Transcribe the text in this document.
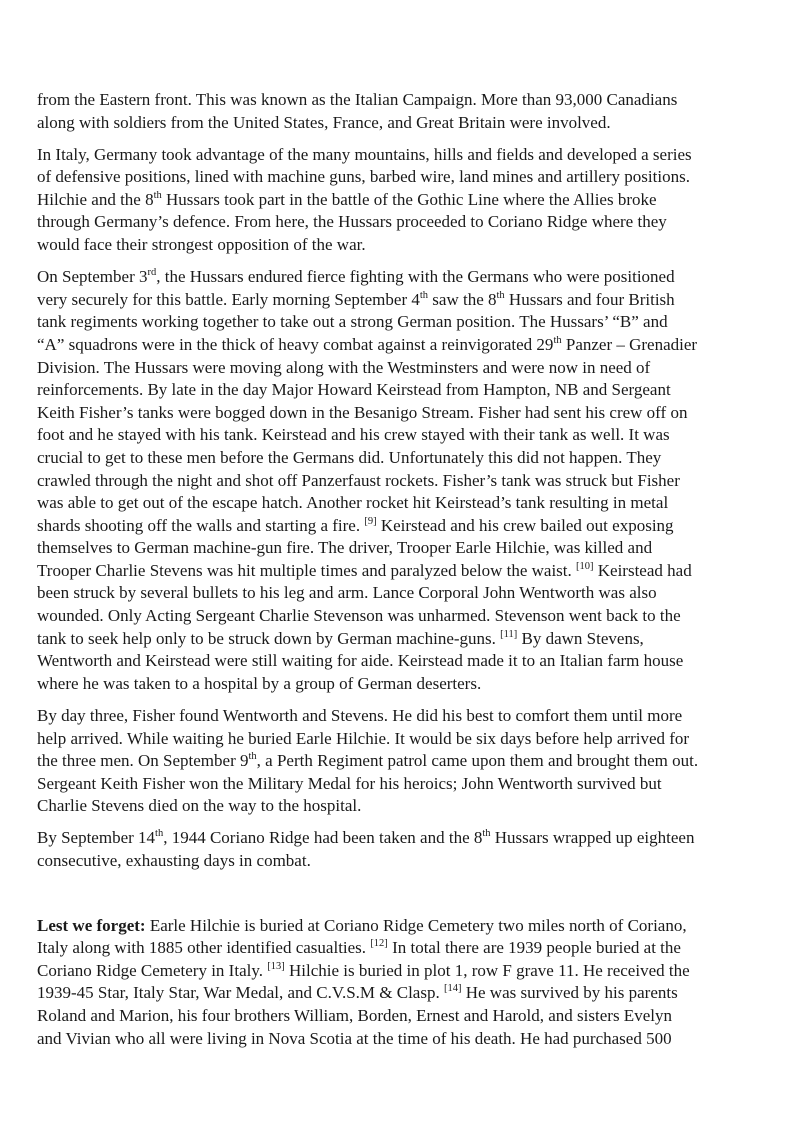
from the Eastern front. This was known as the Italian Campaign. More than 93,000 Canadians
along with soldiers from the United States, France, and Great Britain were involved.

In Italy, Germany took advantage of the many mountains, hills and fields and developed a series
of defensive positions, lined with machine guns, barbed wire, land mines and artillery positions.
Hilchie and the 8th Hussars took part in the battle of the Gothic Line where the Allies broke
through Germany’s defence. From here, the Hussars proceeded to Coriano Ridge where they
would face their strongest opposition of the war.

On September 3rd, the Hussars endured fierce fighting with the Germans who were positioned
very securely for this battle. Early morning September 4th saw the 8th Hussars and four British
tank regiments working together to take out a strong German position. The Hussars’ “B” and
“A” squadrons were in the thick of heavy combat against a reinvigorated 29th Panzer – Grenadier
Division. The Hussars were moving along with the Westminsters and were now in need of
reinforcements. By late in the day Major Howard Keirstead from Hampton, NB and Sergeant
Keith Fisher’s tanks were bogged down in the Besanigo Stream. Fisher had sent his crew off on
foot and he stayed with his tank. Keirstead and his crew stayed with their tank as well. It was
crucial to get to these men before the Germans did. Unfortunately this did not happen. They
crawled through the night and shot off Panzerfaust rockets. Fisher’s tank was struck but Fisher
was able to get out of the escape hatch. Another rocket hit Keirstead’s tank resulting in metal
shards shooting off the walls and starting a fire. [9] Keirstead and his crew bailed out exposing
themselves to German machine-gun fire. The driver, Trooper Earle Hilchie, was killed and
Trooper Charlie Stevens was hit multiple times and paralyzed below the waist. [10] Keirstead had
been struck by several bullets to his leg and arm. Lance Corporal John Wentworth was also
wounded. Only Acting Sergeant Charlie Stevenson was unharmed. Stevenson went back to the
tank to seek help only to be struck down by German machine-guns. [11] By dawn Stevens,
Wentworth and Keirstead were still waiting for aide. Keirstead made it to an Italian farm house
where he was taken to a hospital by a group of German deserters.

By day three, Fisher found Wentworth and Stevens. He did his best to comfort them until more
help arrived. While waiting he buried Earle Hilchie. It would be six days before help arrived for
the three men. On September 9th, a Perth Regiment patrol came upon them and brought them out.
Sergeant Keith Fisher won the Military Medal for his heroics; John Wentworth survived but
Charlie Stevens died on the way to the hospital.

By September 14th, 1944 Coriano Ridge had been taken and the 8th Hussars wrapped up eighteen
consecutive, exhausting days in combat.

Lest we forget: Earle Hilchie is buried at Coriano Ridge Cemetery two miles north of Coriano,
Italy along with 1885 other identified casualties. [12] In total there are 1939 people buried at the
Coriano Ridge Cemetery in Italy. [13] Hilchie is buried in plot 1, row F grave 11. He received the
1939-45 Star, Italy Star, War Medal, and C.V.S.M & Clasp. [14] He was survived by his parents
Roland and Marion, his four brothers William, Borden, Ernest and Harold, and sisters Evelyn
and Vivian who all were living in Nova Scotia at the time of his death. He had purchased 500
